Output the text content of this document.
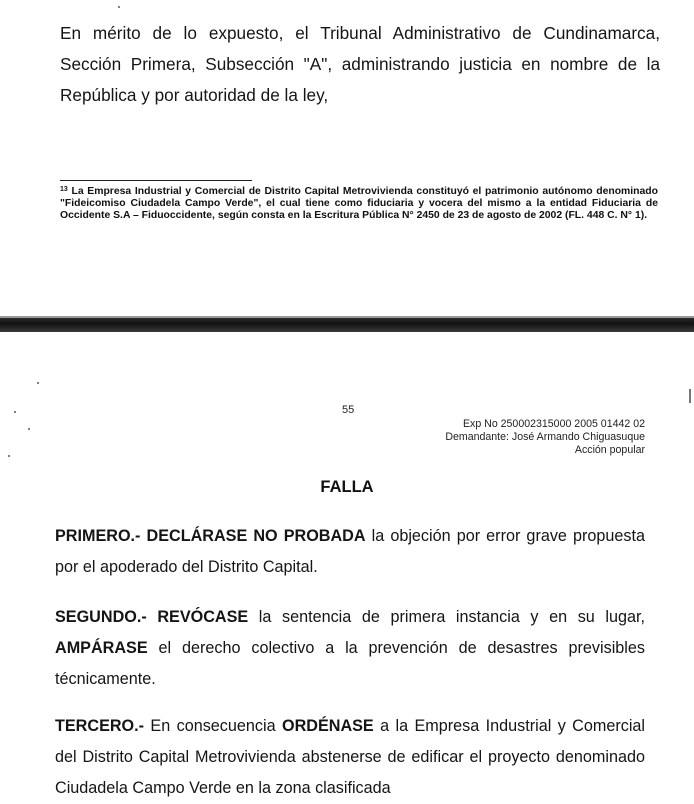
En mérito de lo expuesto, el Tribunal Administrativo de Cundinamarca, Sección Primera, Subsección "A", administrando justicia en nombre de la República y por autoridad de la ley,
$^{13}$ La Empresa Industrial y Comercial de Distrito Capital Metrovivienda constituyó el patrimonio autónomo denominado "Fideicomiso Ciudadela Campo Verde", el cual tiene como fiduciaria y vocera del mismo a la entidad Fiduciaria de Occidente S.A – Fiduoccidente, según consta en la Escritura Pública N° 2450 de 23 de agosto de 2002 (FL. 448 C. N° 1).
55
Exp No 250002315000 2005 01442 02
Demandante: José Armando Chiguasuque
Acción popular
FALLA
PRIMERO.- DECLÁRASE NO PROBADA la objeción por error grave propuesta por el apoderado del Distrito Capital.
SEGUNDO.- REVÓCASE la sentencia de primera instancia y en su lugar, AMPÁRASE el derecho colectivo a la prevención de desastres previsibles técnicamente.
TERCERO.- En consecuencia ORDÉNASE a la Empresa Industrial y Comercial del Distrito Capital Metrovivienda abstenerse de edificar el proyecto denominado Ciudadela Campo Verde en la zona clasificada
